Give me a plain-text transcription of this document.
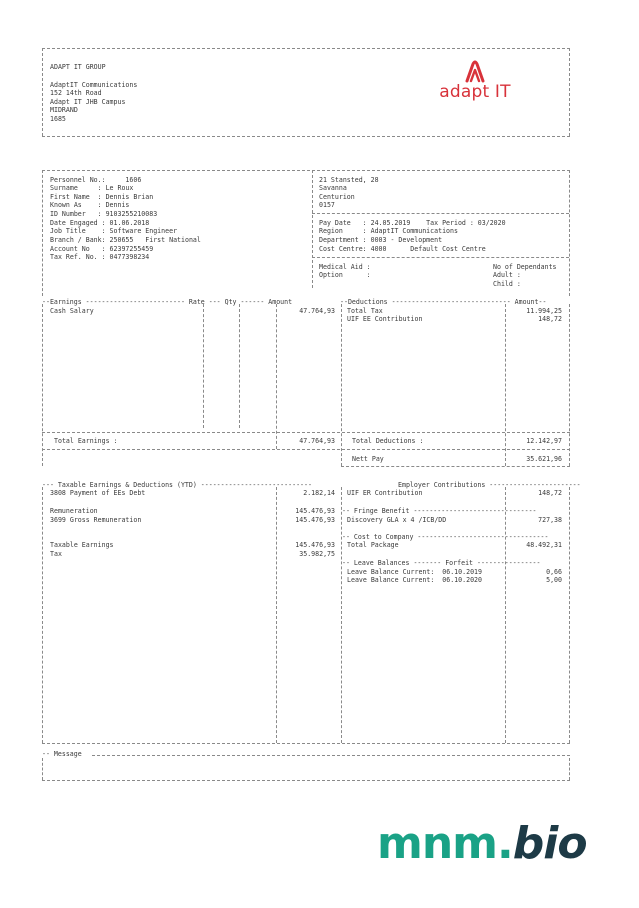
ADAPT IT GROUP
AdaptIT Communications
152 14th Road
Adapt IT JHB Campus
MIDRAND
1685
adapt IT
Personnel No.:     1606
Surname     : Le Roux
First Name  : Dennis Brian
Known As    : Dennis
ID Number   : 9103255210083
Date Engaged : 01.06.2018
Job Title    : Software Engineer
Branch / Bank: 250655   First National
Account No   : 62397255459
Tax Ref. No. : 0477398234
21 Stansted, 28
Savanna
Centurion
0157
Pay Date   : 24.05.2019    Tax Period : 03/2020
Region     : AdaptIT Communications
Department : 0003 - Development
Cost Centre: 4000      Default Cost Centre
Medical Aid :
Option      :
No of Dependants
Adult :
Child :
--Earnings ------------------------- Rate --- Qty ------ Amount	--Deductions ------------------------------ Amount--
Cash Salary	47.764,93 Total Tax	11.994,25
UIF EE Contribution	148,72
Total Earnings :	47.764,93	Total Deductions :	12.142,97
Nett Pay	35.621,96
--- Taxable Earnings & Deductions (YTD) ----------------------------	Employer Contributions -----------------------
3808 Payment of EEs Debt	2.182,14
Remuneration	145.476,93
3699 Gross Remuneration	145.476,93
Taxable Earnings	145.476,93
Tax	35.982,75
UIF ER Contribution	148,72
-- Fringe Benefit -------------------------------
Discovery GLA x 4 /ICB/DD	727,38
-- Cost to Company ---------------------------------
Total Package	48.492,31
-- Leave Balances ------- Forfeit ----------------
Leave Balance Current:  06.10.2019	0,66
Leave Balance Current:  06.10.2020	5,00
-- Message
mnm.bio
